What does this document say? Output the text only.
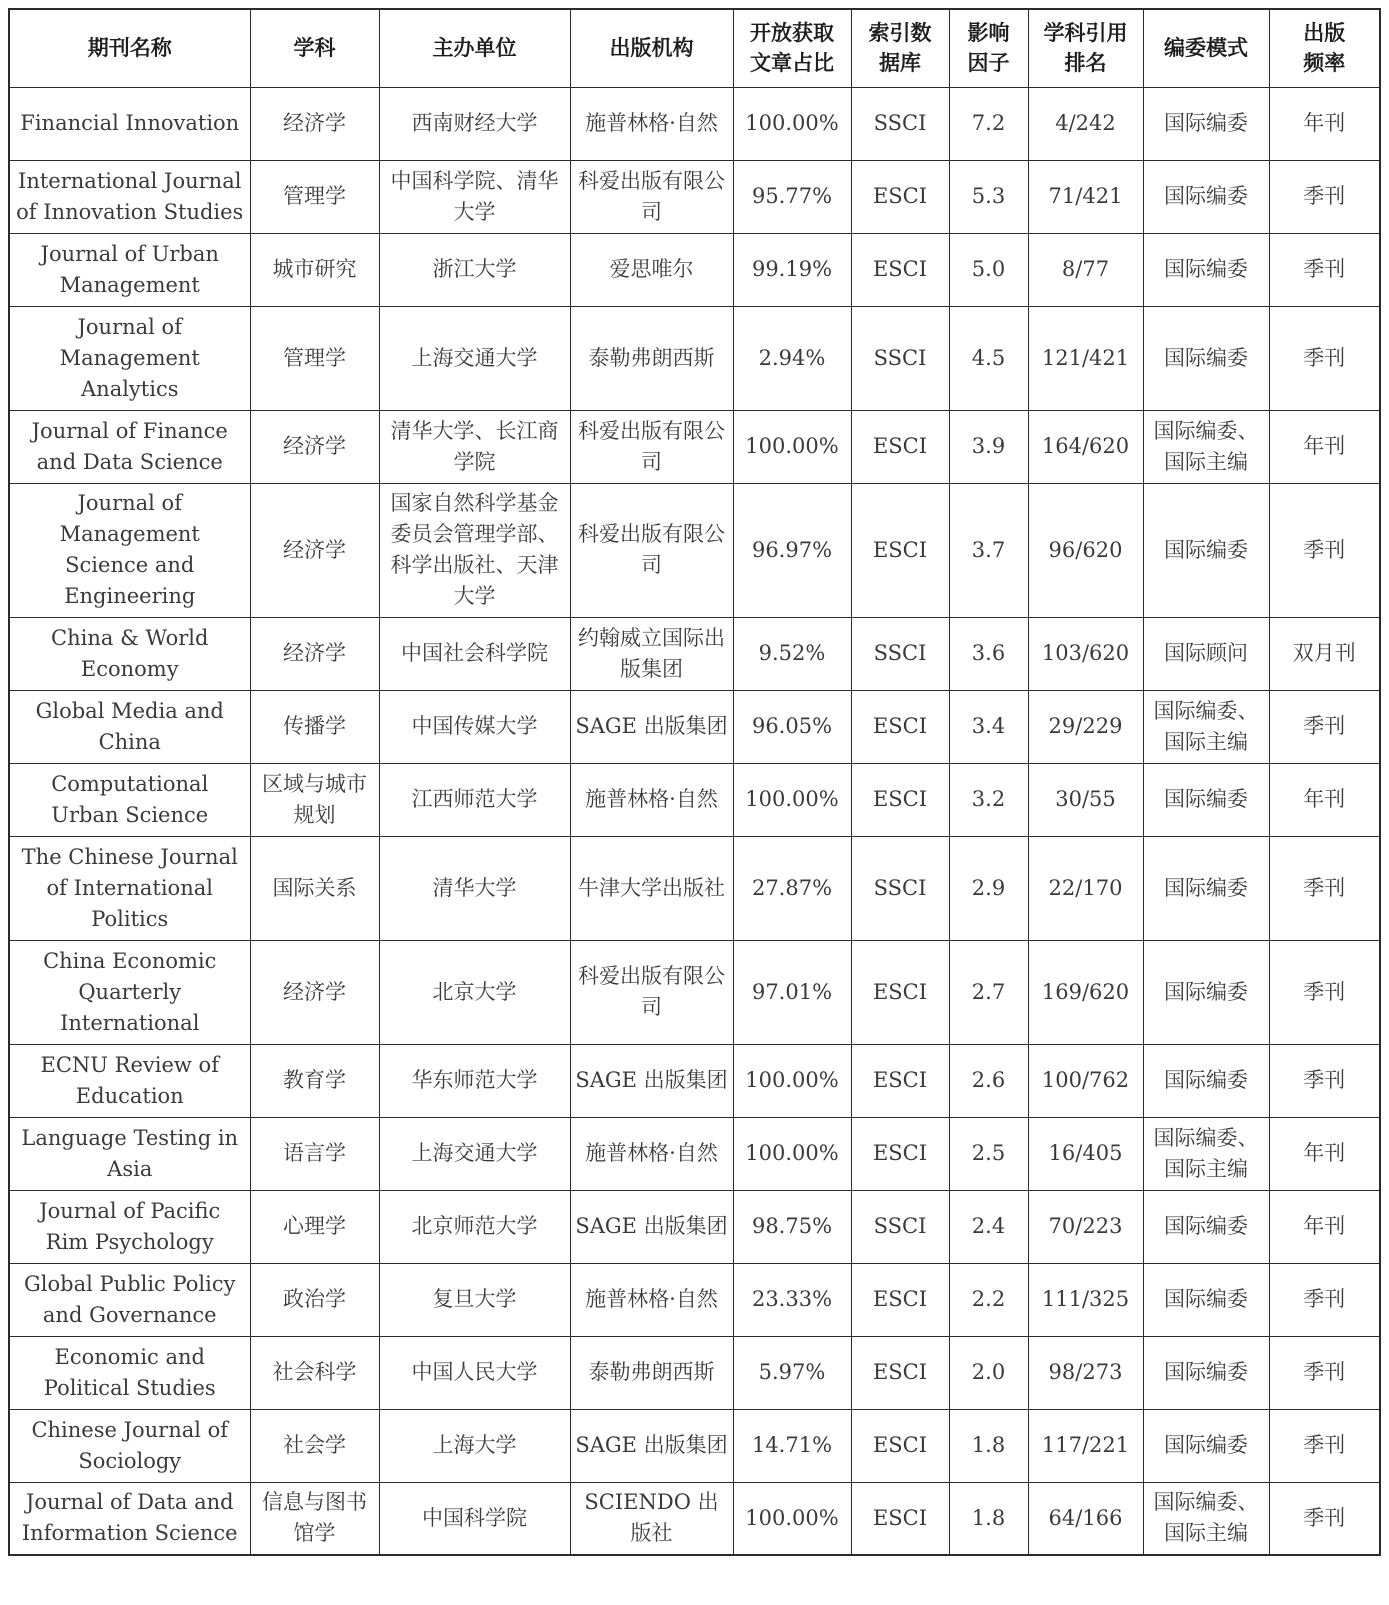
期刊名称	学科	主办单位	出版机构	开放获取文章占比	索引数据库	影响因子	学科引用排名	编委模式	出版频率
Financial Innovation	经济学	西南财经大学	施普林格·自然	100.00%	SSCI	7.2	4/242	国际编委	年刊
International Journal of Innovation Studies	管理学	中国科学院、清华大学	科爱出版有限公司	95.77%	ESCI	5.3	71/421	国际编委	季刊
Journal of Urban Management	城市研究	浙江大学	爱思唯尔	99.19%	ESCI	5.0	8/77	国际编委	季刊
Journal of Management Analytics	管理学	上海交通大学	泰勒弗朗西斯	2.94%	SSCI	4.5	121/421	国际编委	季刊
Journal of Finance and Data Science	经济学	清华大学、长江商学院	科爱出版有限公司	100.00%	ESCI	3.9	164/620	国际编委、国际主编	年刊
Journal of Management Science and Engineering	经济学	国家自然科学基金委员会管理学部、科学出版社、天津大学	科爱出版有限公司	96.97%	ESCI	3.7	96/620	国际编委	季刊
China & World Economy	经济学	中国社会科学院	约翰威立国际出版集团	9.52%	SSCI	3.6	103/620	国际顾问	双月刊
Global Media and China	传播学	中国传媒大学	SAGE 出版集团	96.05%	ESCI	3.4	29/229	国际编委、国际主编	季刊
Computational Urban Science	区域与城市规划	江西师范大学	施普林格·自然	100.00%	ESCI	3.2	30/55	国际编委	年刊
The Chinese Journal of International Politics	国际关系	清华大学	牛津大学出版社	27.87%	SSCI	2.9	22/170	国际编委	季刊
China Economic Quarterly International	经济学	北京大学	科爱出版有限公司	97.01%	ESCI	2.7	169/620	国际编委	季刊
ECNU Review of Education	教育学	华东师范大学	SAGE 出版集团	100.00%	ESCI	2.6	100/762	国际编委	季刊
Language Testing in Asia	语言学	上海交通大学	施普林格·自然	100.00%	ESCI	2.5	16/405	国际编委、国际主编	年刊
Journal of Pacific Rim Psychology	心理学	北京师范大学	SAGE 出版集团	98.75%	SSCI	2.4	70/223	国际编委	年刊
Global Public Policy and Governance	政治学	复旦大学	施普林格·自然	23.33%	ESCI	2.2	111/325	国际编委	季刊
Economic and Political Studies	社会科学	中国人民大学	泰勒弗朗西斯	5.97%	ESCI	2.0	98/273	国际编委	季刊
Chinese Journal of Sociology	社会学	上海大学	SAGE 出版集团	14.71%	ESCI	1.8	117/221	国际编委	季刊
Journal of Data and Information Science	信息与图书馆学	中国科学院	SCIENDO 出版社	100.00%	ESCI	1.8	64/166	国际编委、国际主编	季刊
